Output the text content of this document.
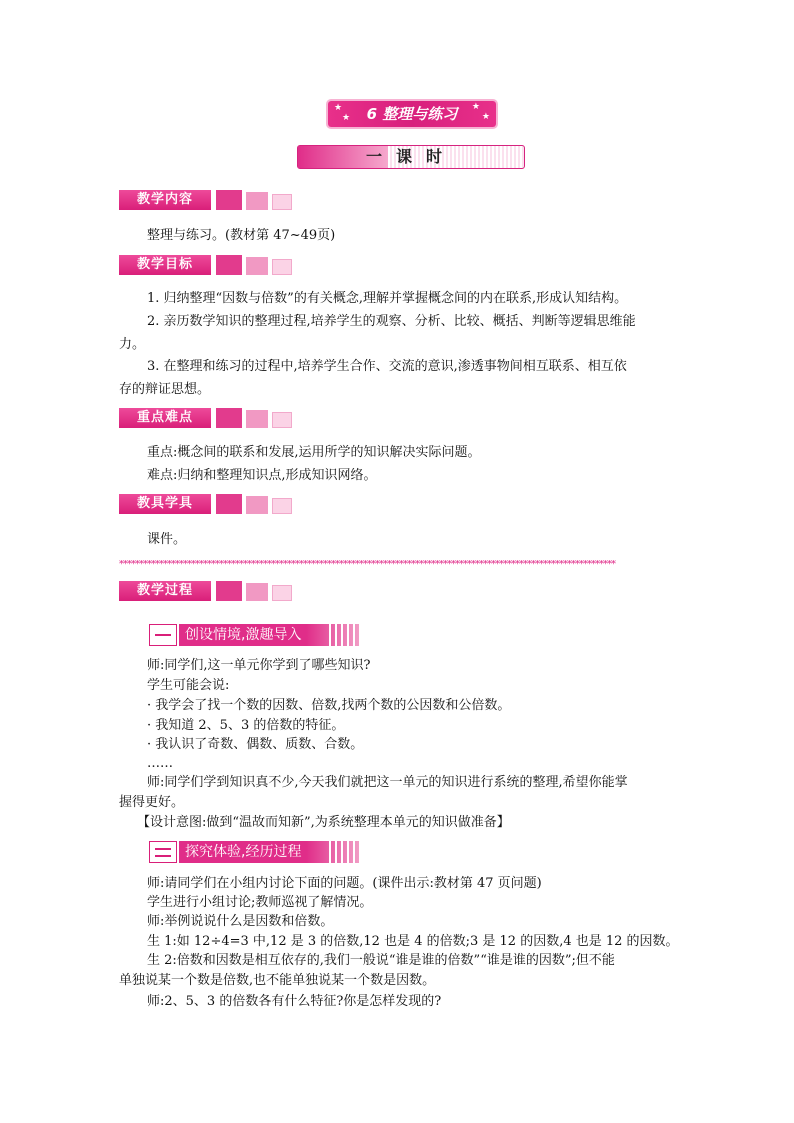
★
★ 6 整理与练习 ★
★
一课时
教学内容
整理与练习。(教材第 47~49页)
教学目标
1. 归纳整理“因数与倍数”的有关概念,理解并掌握概念间的内在联系,形成认知结构。
2. 亲历数学知识的整理过程,培养学生的观察、分析、比较、概括、判断等逻辑思维能
力。
3. 在整理和练习的过程中,培养学生合作、交流的意识,渗透事物间相互联系、相互依
存的辩证思想。
重点难点
重点:概念间的联系和发展,运用所学的知识解决实际问题。
难点:归纳和整理知识点,形成知识网络。
教具学具
课件。
****************************************************************************************************************************
教学过程
创设情境,激趣导入
师:同学们,这一单元你学到了哪些知识?
学生可能会说:
· 我学会了找一个数的因数、倍数,找两个数的公因数和公倍数。
· 我知道 2、5、3 的倍数的特征。
· 我认识了奇数、偶数、质数、合数。
……
师:同学们学到知识真不少,今天我们就把这一单元的知识进行系统的整理,希望你能掌
握得更好。
【设计意图:做到“温故而知新”,为系统整理本单元的知识做准备】
探究体验,经历过程
师:请同学们在小组内讨论下面的问题。(课件出示:教材第 47 页问题)
学生进行小组讨论;教师巡视了解情况。
师:举例说说什么是因数和倍数。
生 1:如 12÷4=3 中,12 是 3 的倍数,12 也是 4 的倍数;3 是 12 的因数,4 也是 12 的因数。
生 2:倍数和因数是相互依存的,我们一般说“谁是谁的倍数”“谁是谁的因数”;但不能
单独说某一个数是倍数,也不能单独说某一个数是因数。
师:2、5、3 的倍数各有什么特征?你是怎样发现的?
